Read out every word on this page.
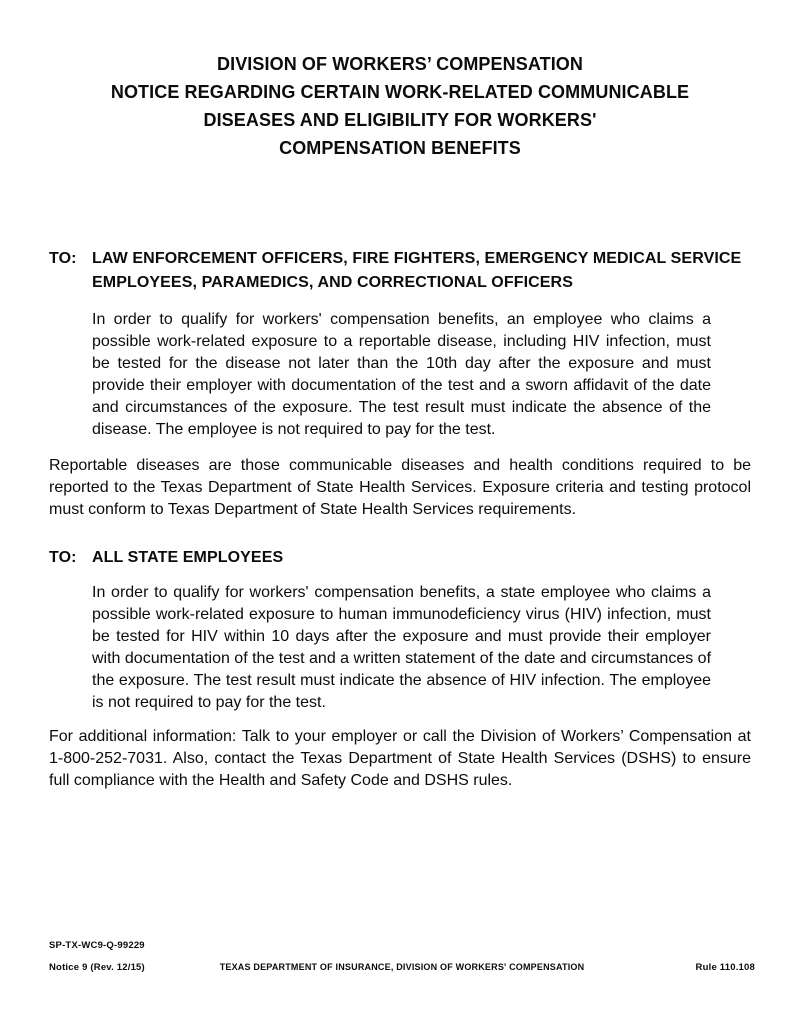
DIVISION OF WORKERS’ COMPENSATION
NOTICE REGARDING CERTAIN WORK-RELATED COMMUNICABLE
DISEASES AND ELIGIBILITY FOR WORKERS'
COMPENSATION BENEFITS
TO: LAW ENFORCEMENT OFFICERS, FIRE FIGHTERS, EMERGENCY MEDICAL SERVICE EMPLOYEES, PARAMEDICS, AND CORRECTIONAL OFFICERS

In order to qualify for workers' compensation benefits, an employee who claims a possible work-related exposure to a reportable disease, including HIV infection, must be tested for the disease not later than the 10th day after the exposure and must provide their employer with documentation of the test and a sworn affidavit of the date and circumstances of the exposure. The test result must indicate the absence of the disease. The employee is not required to pay for the test.

Reportable diseases are those communicable diseases and health conditions required to be reported to the Texas Department of State Health Services. Exposure criteria and testing protocol must conform to Texas Department of State Health Services requirements.

TO: ALL STATE EMPLOYEES

In order to qualify for workers' compensation benefits, a state employee who claims a possible work-related exposure to human immunodeficiency virus (HIV) infection, must be tested for HIV within 10 days after the exposure and must provide their employer with documentation of the test and a written statement of the date and circumstances of the exposure. The test result must indicate the absence of HIV infection. The employee is not required to pay for the test.

For additional information: Talk to your employer or call the Division of Workers’ Compensation at 1-800-252-7031. Also, contact the Texas Department of State Health Services (DSHS) to ensure full compliance with the Health and Safety Code and DSHS rules.

SP-TX-WC9-Q-99229
Notice 9 (Rev. 12/15)	TEXAS DEPARTMENT OF INSURANCE, DIVISION OF WORKERS' COMPENSATION	Rule 110.108
